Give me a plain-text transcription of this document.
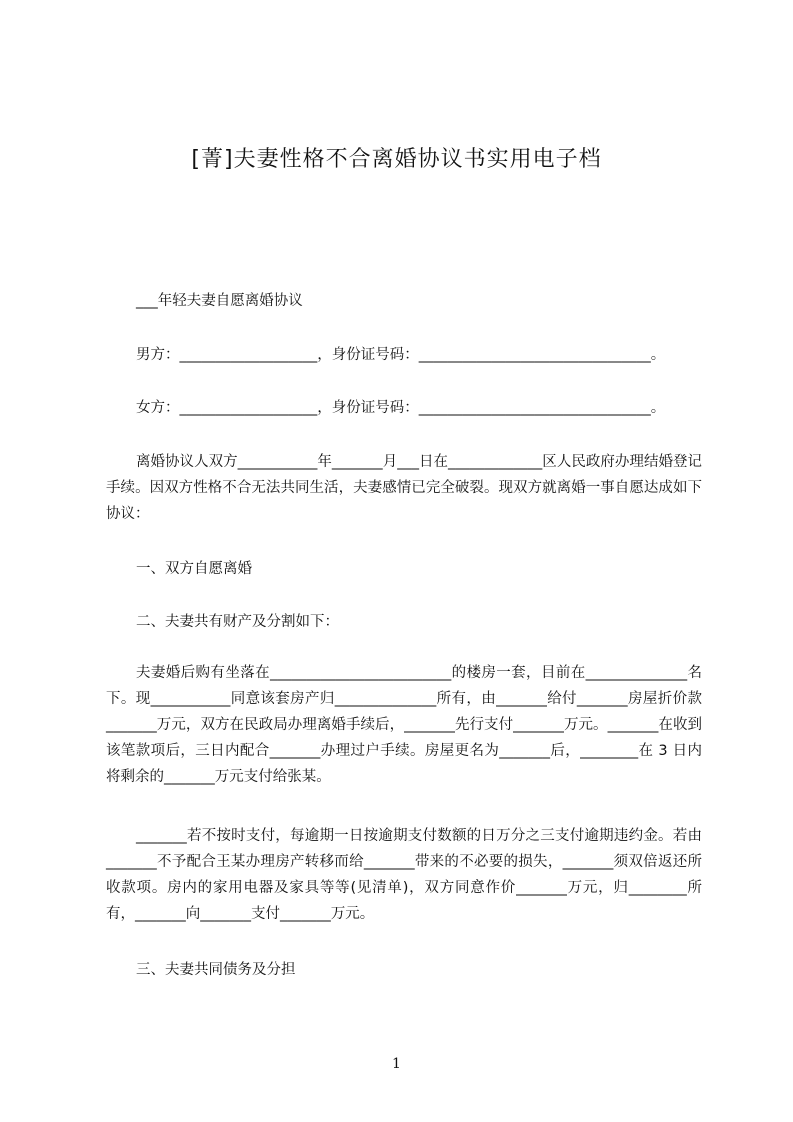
[菁]夫妻性格不合离婚协议书实用电子档
___年轻夫妻自愿离婚协议
男方：___________________，身份证号码：________________________________。
女方：___________________，身份证号码：________________________________。
离婚协议人双方___________年_______月___日在_____________区人民政府办理结婚登记手续。因双方性格不合无法共同生活，夫妻感情已完全破裂。现双方就离婚一事自愿达成如下协议：
一、双方自愿离婚
二、夫妻共有财产及分割如下：
夫妻婚后购有坐落在_________________________的楼房一套，目前在______________名下。现___________同意该套房产归______________所有，由_______给付_______房屋折价款_______万元，双方在民政局办理离婚手续后，_______先行支付_______万元。_______在收到该笔款项后，三日内配合_______办理过户手续。房屋更名为_______后，________在 3 日内将剩余的_______万元支付给张某。
_______若不按时支付，每逾期一日按逾期支付数额的日万分之三支付逾期违约金。若由_______不予配合王某办理房产转移而给_______带来的不必要的损失，_______须双倍返还所收款项。房内的家用电器及家具等等(见清单)，双方同意作价_______万元，归________所有，_______向_______支付_______万元。
三、夫妻共同债务及分担
1
